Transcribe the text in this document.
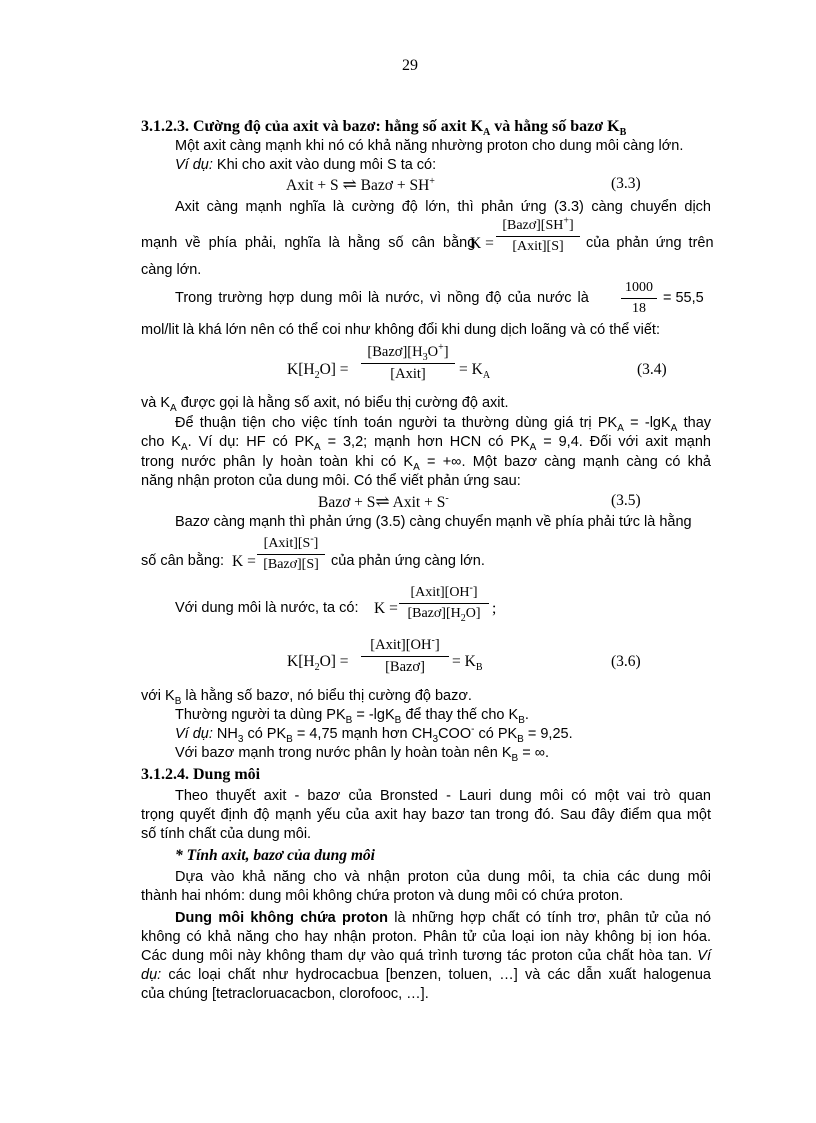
29
3.1.2.3. Cường độ của axit và bazơ: hằng số axit $K_A$ và hằng số bazơ $K_B$
Một axit càng mạnh khi nó có khả năng nhường proton cho dung môi càng lớn.
Ví dụ: Khi cho axit vào dung môi S ta có:
Axit + S ⇌ Bazơ + SH+	(3.3)
Axit càng mạnh nghĩa là cường độ lớn, thì phản ứng (3.3) càng chuyển dịch
mạnh về phía phải, nghĩa là hằng số cân bằng
K =
[Bazơ][SH+]
[Axit][S]	của phản ứng trên
càng lớn.
Trong trường hợp dung môi là nước, vì nồng độ của nước là
1000
18
= 55,5
mol/lit là khá lớn nên có thể coi như không đổi khi dung dịch loãng và có thể viết:
$K[H_2O]$ =
$[Bazơ][H_3O^+]$
[Axit]	= $K_A$	(3.4)
và $K_A$ được gọi là hằng số axit, nó biểu thị cường độ axit.
Để thuận tiện cho việc tính toán người ta thường dùng giá trị $PK_A = -\lg K_A$ thay
cho $K_A$. Ví dụ: HF có $PK_A = 3,2$; mạnh hơn HCN có $PK_A = 9,4$. Đối với axit mạnh
trong nước phân ly hoàn toàn khi có $K_A$ = +∞. Một bazơ càng mạnh càng có khả
năng nhận proton của dung môi. Có thể viết phản ứng sau:
Bazơ + S⇌ Axit + S-	(3.5)
Bazơ càng mạnh thì phản ứng (3.5) càng chuyển mạnh về phía phải tức là hằng
số cân bằng: K =
[Axit][S-]
[Bazơ][S] của phản ứng càng lớn.
Với dung môi là nước, ta có: K =
[Axit][OH-]
$[Bazơ][H_2O]$ ;
$K[H_2O]$ =
[Axit][OH-]
[Bazơ]	= $K_B$	(3.6)
với $K_B$ là hằng số bazơ, nó biểu thị cường độ bazơ.
Thường người ta dùng $PK_B = -\lg K_B$ để thay thế cho $K_B$.
Ví dụ: $NH_3$ có $PK_B = 4,75$ mạnh hơn $CH_3COO^-$ có $PK_B = 9,25$.
Với bazơ mạnh trong nước phân ly hoàn toàn nên $K_B$ = ∞.
3.1.2.4. Dung môi
Theo thuyết axit - bazơ của Bronsted - Lauri dung môi có một vai trò quan
trọng quyết định độ mạnh yếu của axit hay bazơ tan trong đó. Sau đây điểm qua một
số tính chất của dung môi.
* Tính axit, bazơ của dung môi
Dựa vào khả năng cho và nhận proton của dung môi, ta chia các dung môi
thành hai nhóm: dung môi không chứa proton và dung môi có chứa proton.
Dung môi không chứa proton là những hợp chất có tính trơ, phân tử của nó
không có khả năng cho hay nhận proton. Phân tử của loại ion này không bị ion hóa.
Các dung môi này không tham dự vào quá trình tương tác proton của chất hòa tan. Ví
dụ: các loại chất như hydrocacbua [benzen, toluen, …] và các dẫn xuất halogenua
của chúng [tetracloruacacbon, clorofooc, …].
